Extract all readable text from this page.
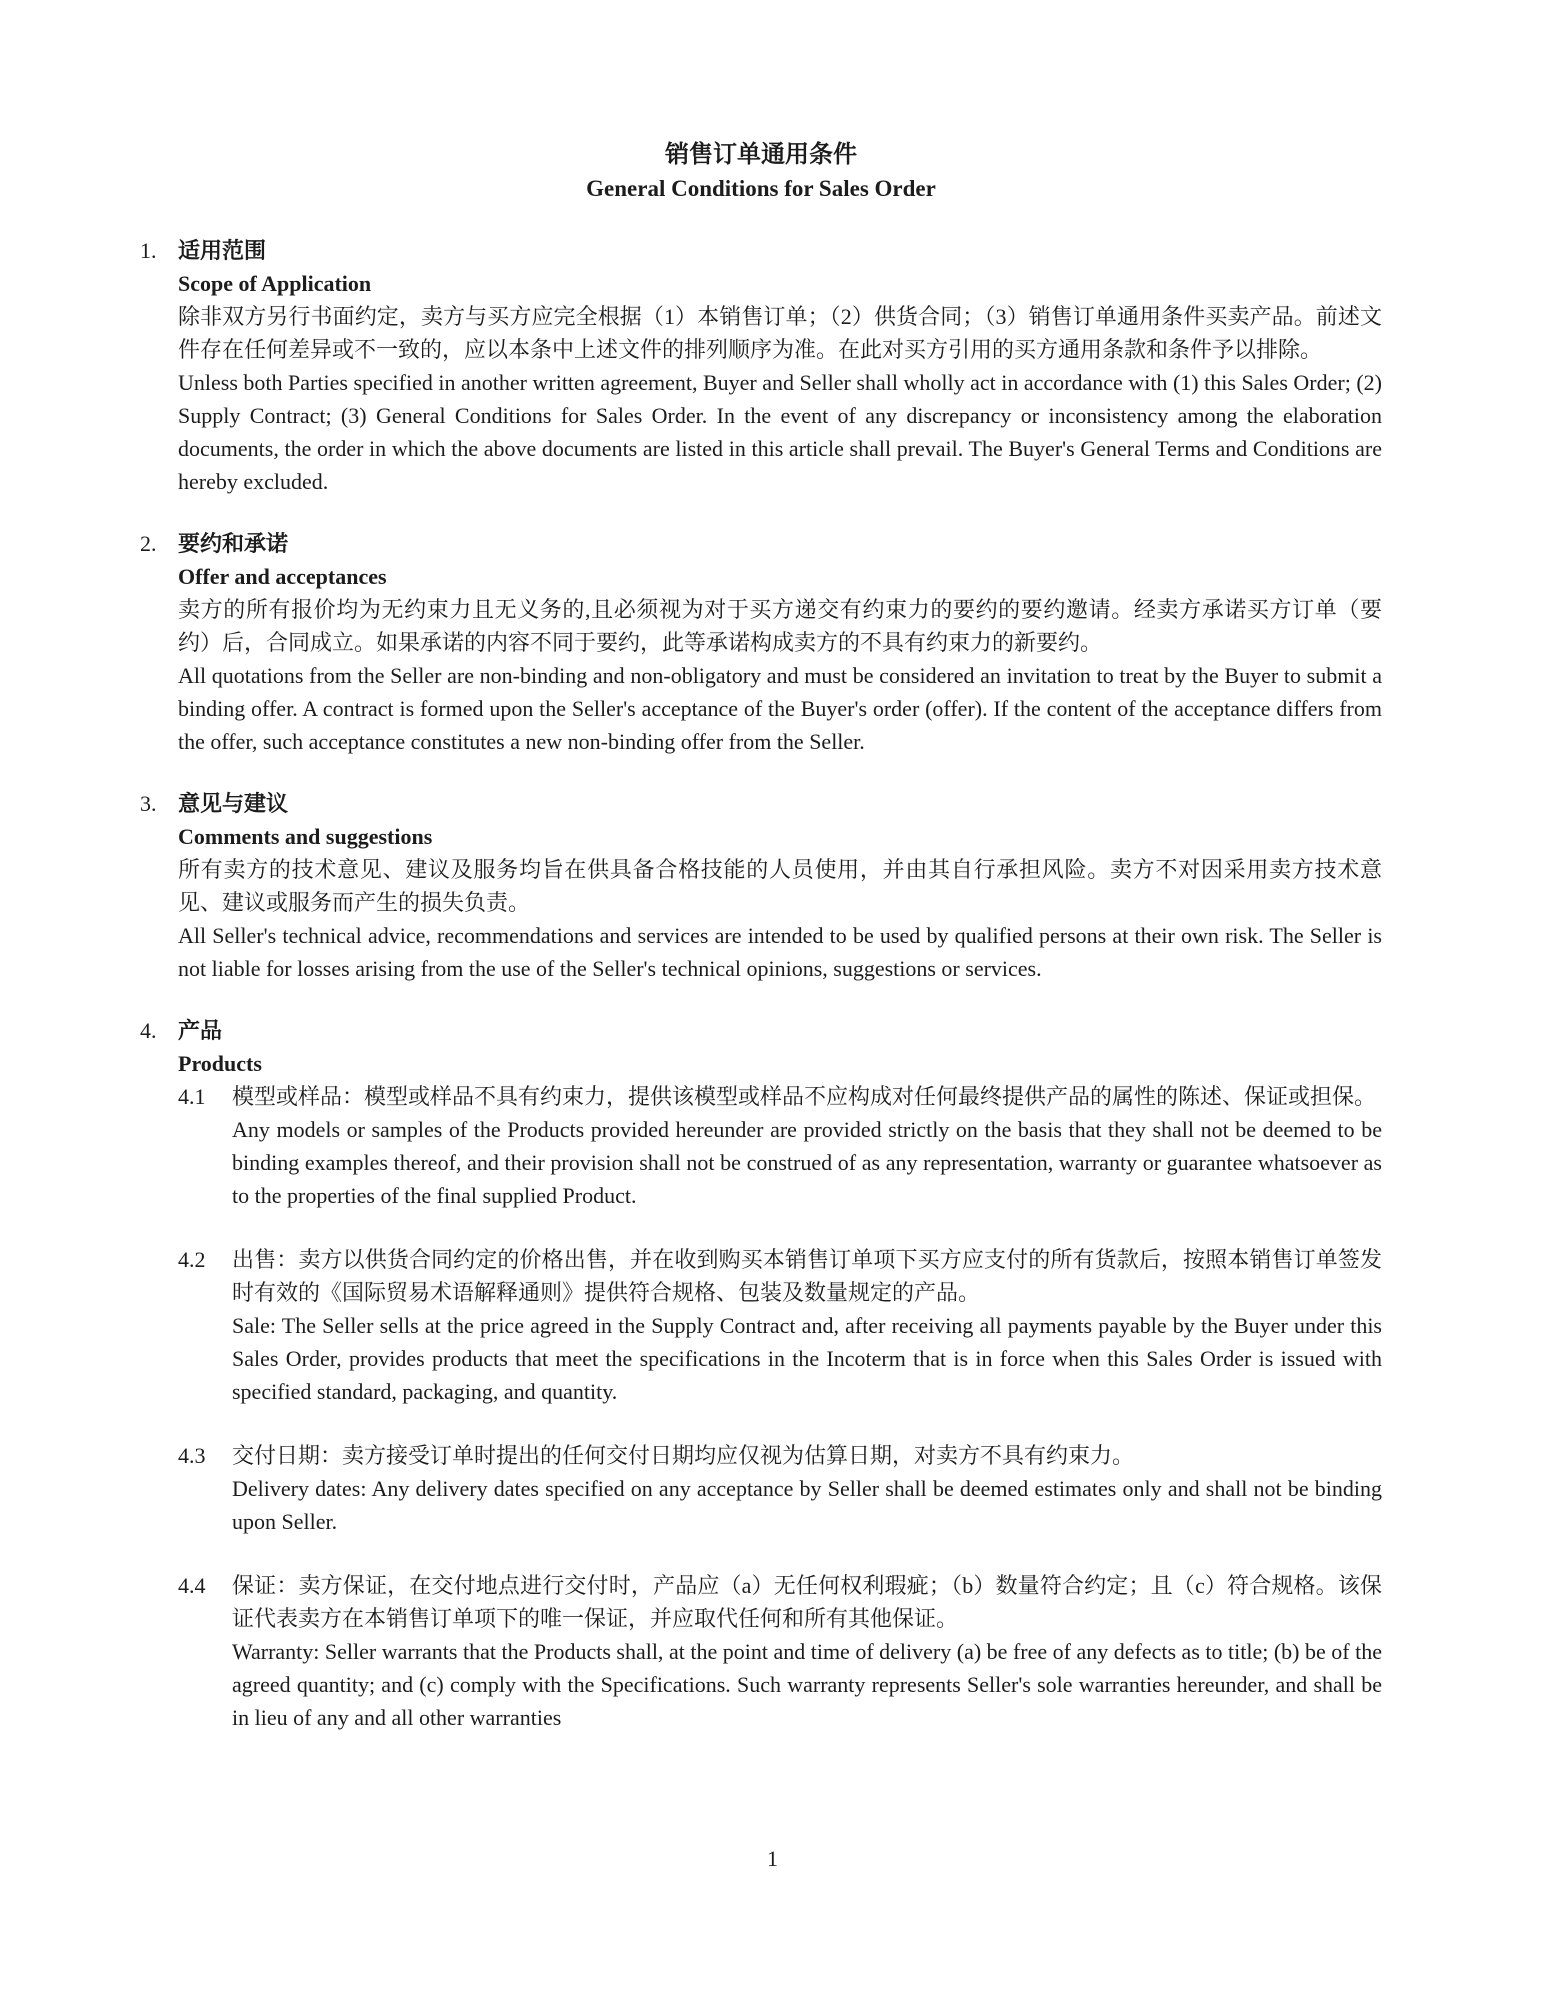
销售订单通用条件
General Conditions for Sales Order
1. 适用范围
Scope of Application

除非双方另行书面约定，卖方与买方应完全根据（1）本销售订单；（2）供货合同；（3）销售订单通用条件买卖产品。前述文件存在任何差异或不一致的，应以本条中上述文件的排列顺序为准。在此对买方引用的买方通用条款和条件予以排除。

Unless both Parties specified in another written agreement, Buyer and Seller shall wholly act in accordance with (1) this Sales Order; (2) Supply Contract; (3) General Conditions for Sales Order. In the event of any discrepancy or inconsistency among the elaboration documents, the order in which the above documents are listed in this article shall prevail. The Buyer's General Terms and Conditions are hereby excluded.

2. 要约和承诺
Offer and acceptances

卖方的所有报价均为无约束力且无义务的,且必须视为对于买方递交有约束力的要约的要约邀请。经卖方承诺买方订单（要约）后，合同成立。如果承诺的内容不同于要约，此等承诺构成卖方的不具有约束力的新要约。

All quotations from the Seller are non-binding and non-obligatory and must be considered an invitation to treat by the Buyer to submit a binding offer. A contract is formed upon the Seller's acceptance of the Buyer's order (offer). If the content of the acceptance differs from the offer, such acceptance constitutes a new non-binding offer from the Seller.

3. 意见与建议
Comments and suggestions

所有卖方的技术意见、建议及服务均旨在供具备合格技能的人员使用，并由其自行承担风险。卖方不对因采用卖方技术意见、建议或服务而产生的损失负责。

All Seller's technical advice, recommendations and services are intended to be used by qualified persons at their own risk. The Seller is not liable for losses arising from the use of the Seller's technical opinions, suggestions or services.

4. 产品
Products
4.1	模型或样品：模型或样品不具有约束力，提供该模型或样品不应构成对任何最终提供产品的属性的陈述、保证或担保。

Any models or samples of the Products provided hereunder are provided strictly on the basis that they shall not be deemed to be binding examples thereof, and their provision shall not be construed of as any representation, warranty or guarantee whatsoever as to the properties of the final supplied Product.

4.2	出售：卖方以供货合同约定的价格出售，并在收到购买本销售订单项下买方应支付的所有货款后，按照本销售订单签发时有效的《国际贸易术语解释通则》提供符合规格、包装及数量规定的产品。

Sale: The Seller sells at the price agreed in the Supply Contract and, after receiving all payments payable by the Buyer under this Sales Order, provides products that meet the specifications in the Incoterm that is in force when this Sales Order is issued with specified standard, packaging, and quantity.

4.3	交付日期：卖方接受订单时提出的任何交付日期均应仅视为估算日期，对卖方不具有约束力。

Delivery dates: Any delivery dates specified on any acceptance by Seller shall be deemed estimates only and shall not be binding upon Seller.

4.4	保证：卖方保证，在交付地点进行交付时，产品应（a）无任何权利瑕疵；（b）数量符合约定；且（c）符合规格。该保证代表卖方在本销售订单项下的唯一保证，并应取代任何和所有其他保证。

Warranty: Seller warrants that the Products shall, at the point and time of delivery (a) be free of any defects as to title; (b) be of the agreed quantity; and (c) comply with the Specifications. Such warranty represents Seller's sole warranties hereunder, and shall be in lieu of any and all other warranties

1
